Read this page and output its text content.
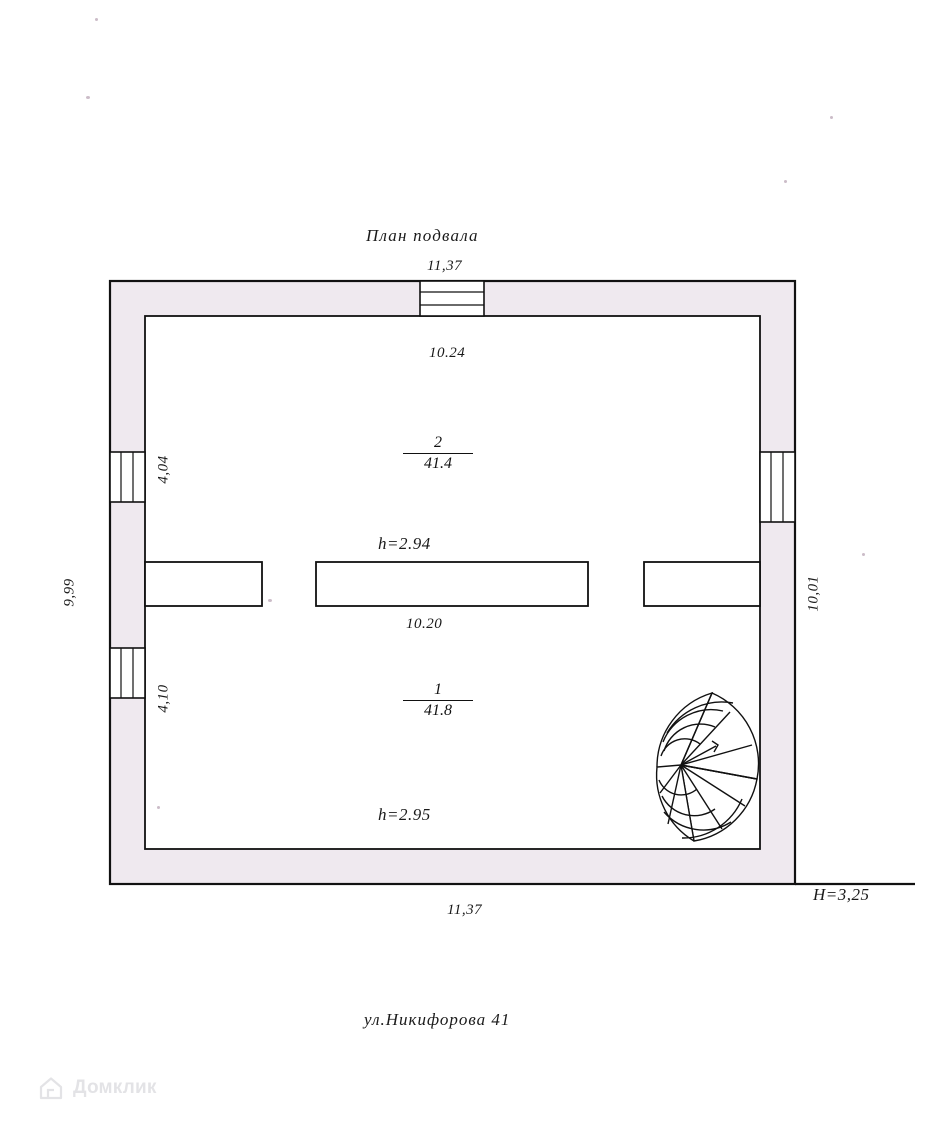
План подвала
11,37
10.24
9,99
4,04
4,10
10,01
2
41.4
h=2.94
10.20
1
41.8
h=2.95
H=3,25
11,37
ул.Никифорова 41
Домклик
